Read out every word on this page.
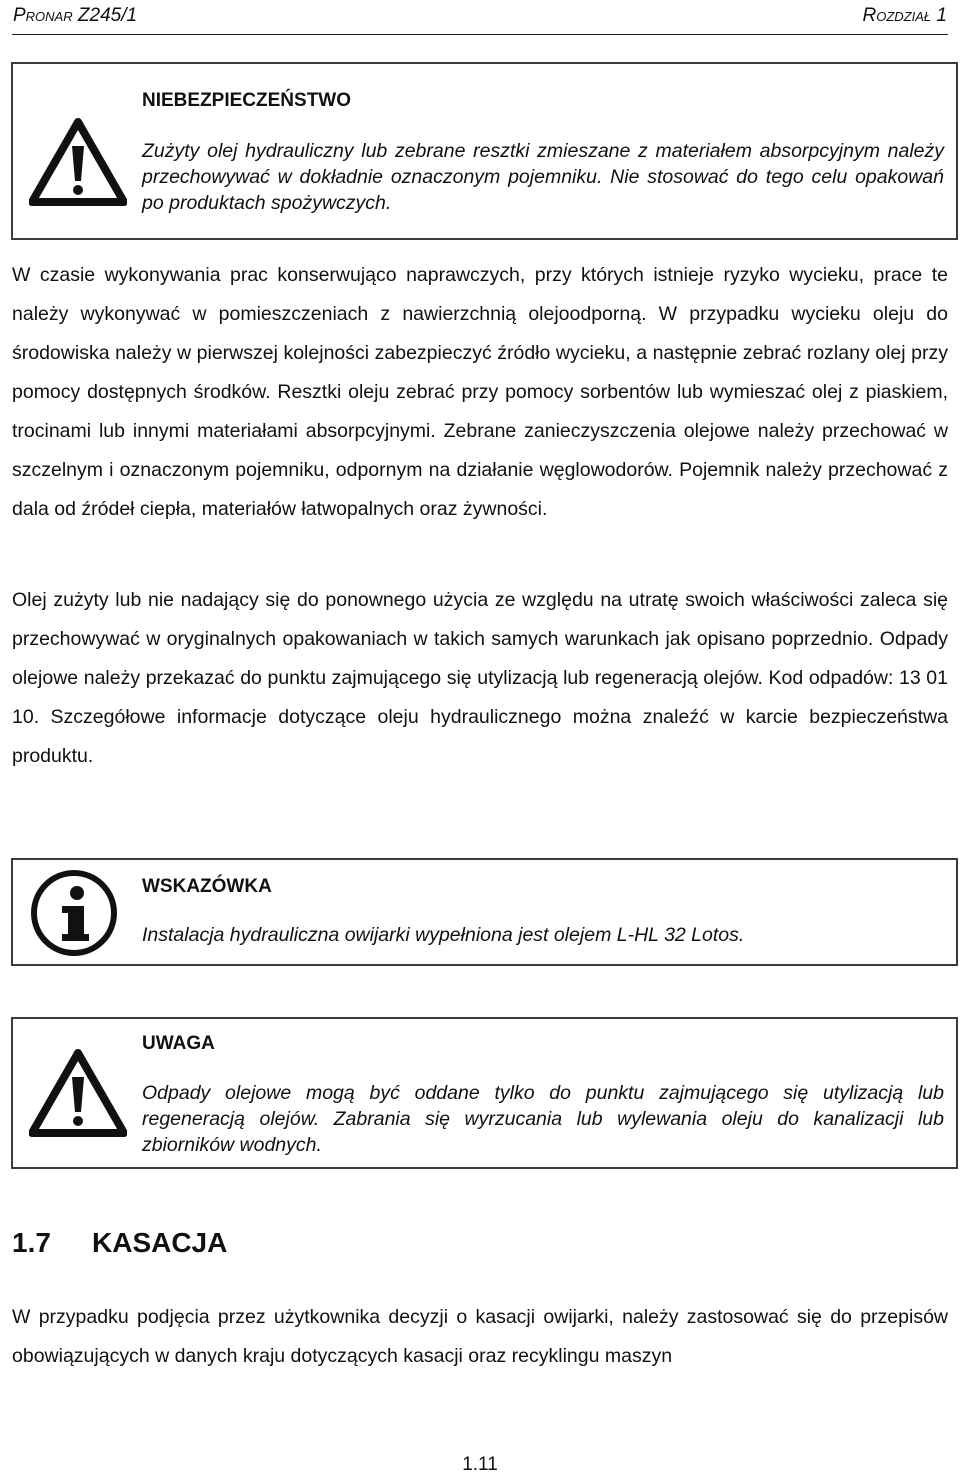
Pronar Z245/1	Rozdział 1
NIEBEZPIECZEŃSTWO
Zużyty olej hydrauliczny lub zebrane resztki zmieszane z materiałem absorpcyjnym należy przechowywać w dokładnie oznaczonym pojemniku. Nie stosować do tego celu opakowań po produktach spożywczych.

W czasie wykonywania prac konserwująco naprawczych, przy których istnieje ryzyko wycieku, prace te należy wykonywać w pomieszczeniach z nawierzchnią olejoodporną. W przypadku wycieku oleju do środowiska należy w pierwszej kolejności zabezpieczyć źródło wycieku, a następnie zebrać rozlany olej przy pomocy dostępnych środków. Resztki oleju zebrać przy pomocy sorbentów lub wymieszać olej z piaskiem, trocinami lub innymi materiałami absorpcyjnymi. Zebrane zanieczyszczenia olejowe należy przechować w szczelnym i oznaczonym pojemniku, odpornym na działanie węglowodorów. Pojemnik należy przechować z dala od źródeł ciepła, materiałów łatwopalnych oraz żywności.

Olej zużyty lub nie nadający się do ponownego użycia ze względu na utratę swoich właściwości zaleca się przechowywać w oryginalnych opakowaniach w takich samych warunkach jak opisano poprzednio. Odpady olejowe należy przekazać do punktu zajmującego się utylizacją lub regeneracją olejów. Kod odpadów: 13 01 10. Szczegółowe informacje dotyczące oleju hydraulicznego można znaleźć w karcie bezpieczeństwa produktu.

WSKAZÓWKA
Instalacja hydrauliczna owijarki wypełniona jest olejem L-HL 32 Lotos.
UWAGA
Odpady olejowe mogą być oddane tylko do punktu zajmującego się utylizacją lub regeneracją olejów. Zabrania się wyrzucania lub wylewania oleju do kanalizacji lub zbiorników wodnych.
1.7 KASACJA

W przypadku podjęcia przez użytkownika decyzji o kasacji owijarki, należy zastosować się do przepisów obowiązujących w danych kraju dotyczących kasacji oraz recyklingu maszyn

1.11
